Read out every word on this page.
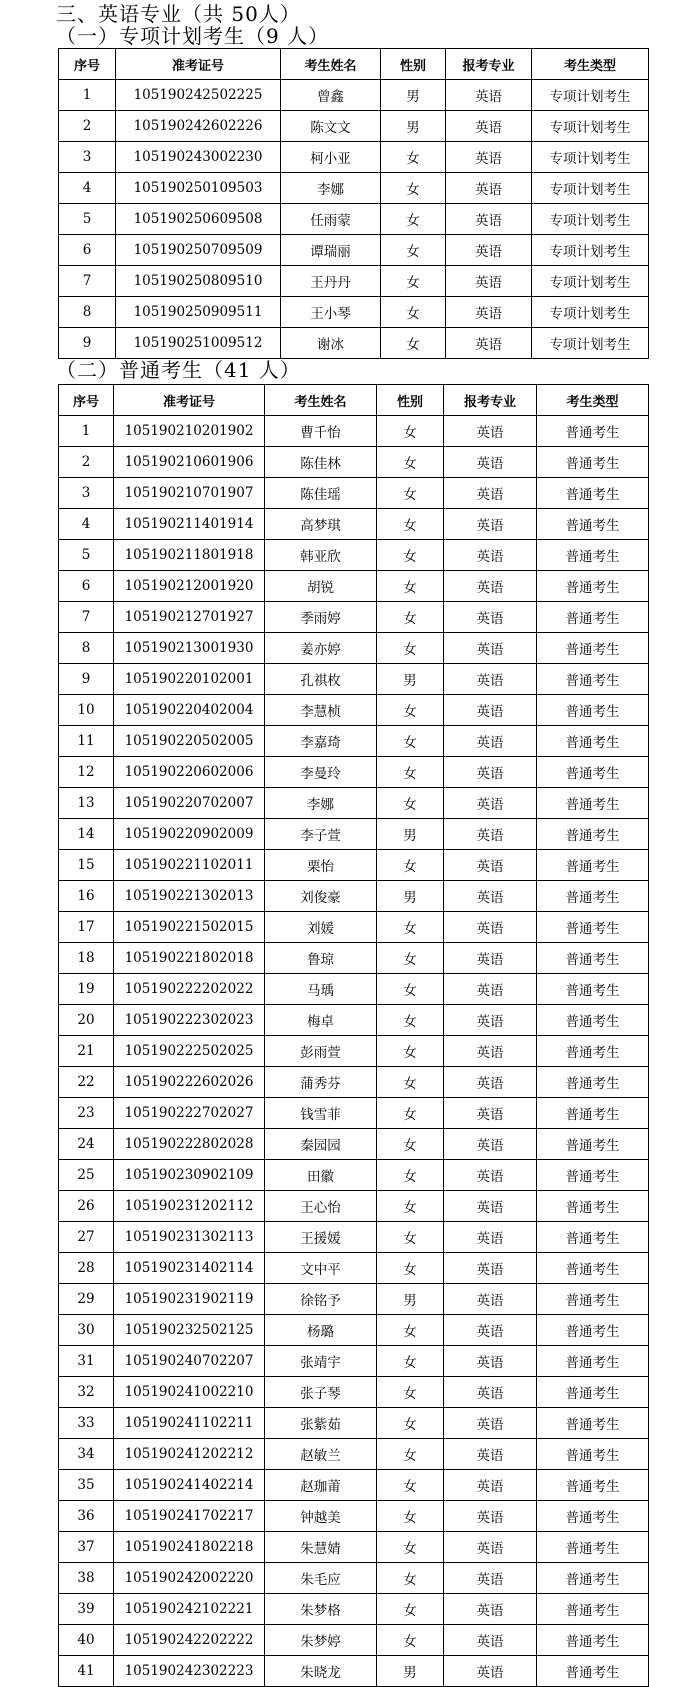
三、英语专业（共 50人）
（一）专项计划考生（9 人）
序号	准考证号	考生姓名	性别	报考专业	考生类型
1	105190242502225	曾鑫	男	英语	专项计划考生
2	105190242602226	陈文文	男	英语	专项计划考生
3	105190243002230	柯小亚	女	英语	专项计划考生
4	105190250109503	李娜	女	英语	专项计划考生
5	105190250609508	任雨蒙	女	英语	专项计划考生
6	105190250709509	谭瑞丽	女	英语	专项计划考生
7	105190250809510	王丹丹	女	英语	专项计划考生
8	105190250909511	王小琴	女	英语	专项计划考生
9	105190251009512	谢冰	女	英语	专项计划考生
（二）普通考生（41 人）
序号	准考证号	考生姓名	性别	报考专业	考生类型
1	105190210201902	曹千怡	女	英语	普通考生
2	105190210601906	陈佳林	女	英语	普通考生
3	105190210701907	陈佳瑶	女	英语	普通考生
4	105190211401914	高梦琪	女	英语	普通考生
5	105190211801918	韩亚欣	女	英语	普通考生
6	105190212001920	胡锐	女	英语	普通考生
7	105190212701927	季雨婷	女	英语	普通考生
8	105190213001930	姜亦婷	女	英语	普通考生
9	105190220102001	孔祺枚	男	英语	普通考生
10	105190220402004	李慧桢	女	英语	普通考生
11	105190220502005	李嘉琦	女	英语	普通考生
12	105190220602006	李曼玲	女	英语	普通考生
13	105190220702007	李娜	女	英语	普通考生
14	105190220902009	李子萱	男	英语	普通考生
15	105190221102011	栗怡	女	英语	普通考生
16	105190221302013	刘俊豪	男	英语	普通考生
17	105190221502015	刘媛	女	英语	普通考生
18	105190221802018	鲁琼	女	英语	普通考生
19	105190222202022	马瑀	女	英语	普通考生
20	105190222302023	梅卓	女	英语	普通考生
21	105190222502025	彭雨萱	女	英语	普通考生
22	105190222602026	蒲秀芬	女	英语	普通考生
23	105190222702027	钱雪菲	女	英语	普通考生
24	105190222802028	秦园园	女	英语	普通考生
25	105190230902109	田徽	女	英语	普通考生
26	105190231202112	王心怡	女	英语	普通考生
27	105190231302113	王援媛	女	英语	普通考生
28	105190231402114	文中平	女	英语	普通考生
29	105190231902119	徐铭予	男	英语	普通考生
30	105190232502125	杨璐	女	英语	普通考生
31	105190240702207	张靖宇	女	英语	普通考生
32	105190241002210	张子琴	女	英语	普通考生
33	105190241102211	张紫茹	女	英语	普通考生
34	105190241202212	赵敏兰	女	英语	普通考生
35	105190241402214	赵珈莆	女	英语	普通考生
36	105190241702217	钟越美	女	英语	普通考生
37	105190241802218	朱慧婧	女	英语	普通考生
38	105190242002220	朱毛应	女	英语	普通考生
39	105190242102221	朱梦格	女	英语	普通考生
40	105190242202222	朱梦婷	女	英语	普通考生
41	105190242302223	朱晓龙	男	英语	普通考生
